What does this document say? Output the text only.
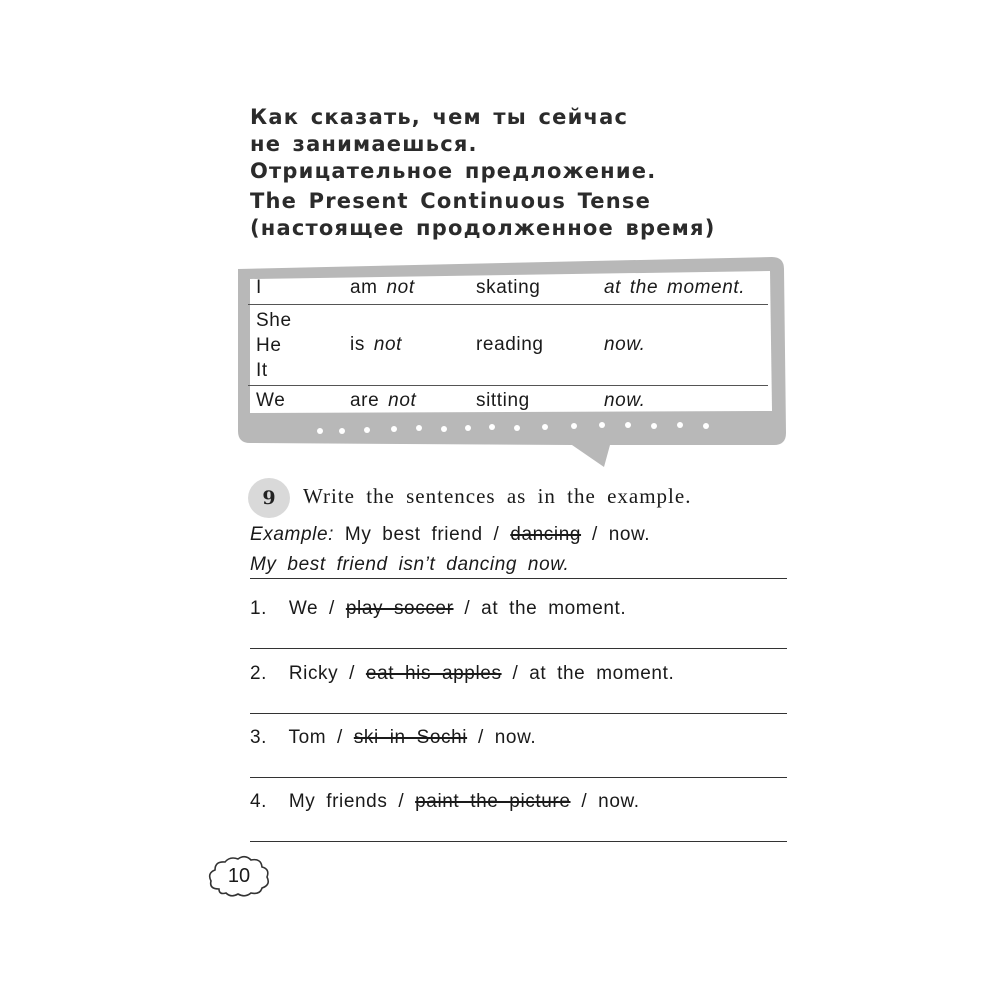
Как сказать, чем ты сейчас
не занимаешься.
Отрицательное предложение.
The Present Continuous Tense
(настоящее продолженное время)
I	am not	skating	at the moment.

She
He
It	is not	reading	now.
We	are not	sitting	now.
9	Write the sentences as in the example.
Example: My best friend / dancing / now.
My best friend isn’t dancing now.
1. We / play soccer / at the moment.
2. Ricky / eat his apples / at the moment.
3. Tom / ski in Sochi / now.
4. My friends / paint the picture / now.
10
